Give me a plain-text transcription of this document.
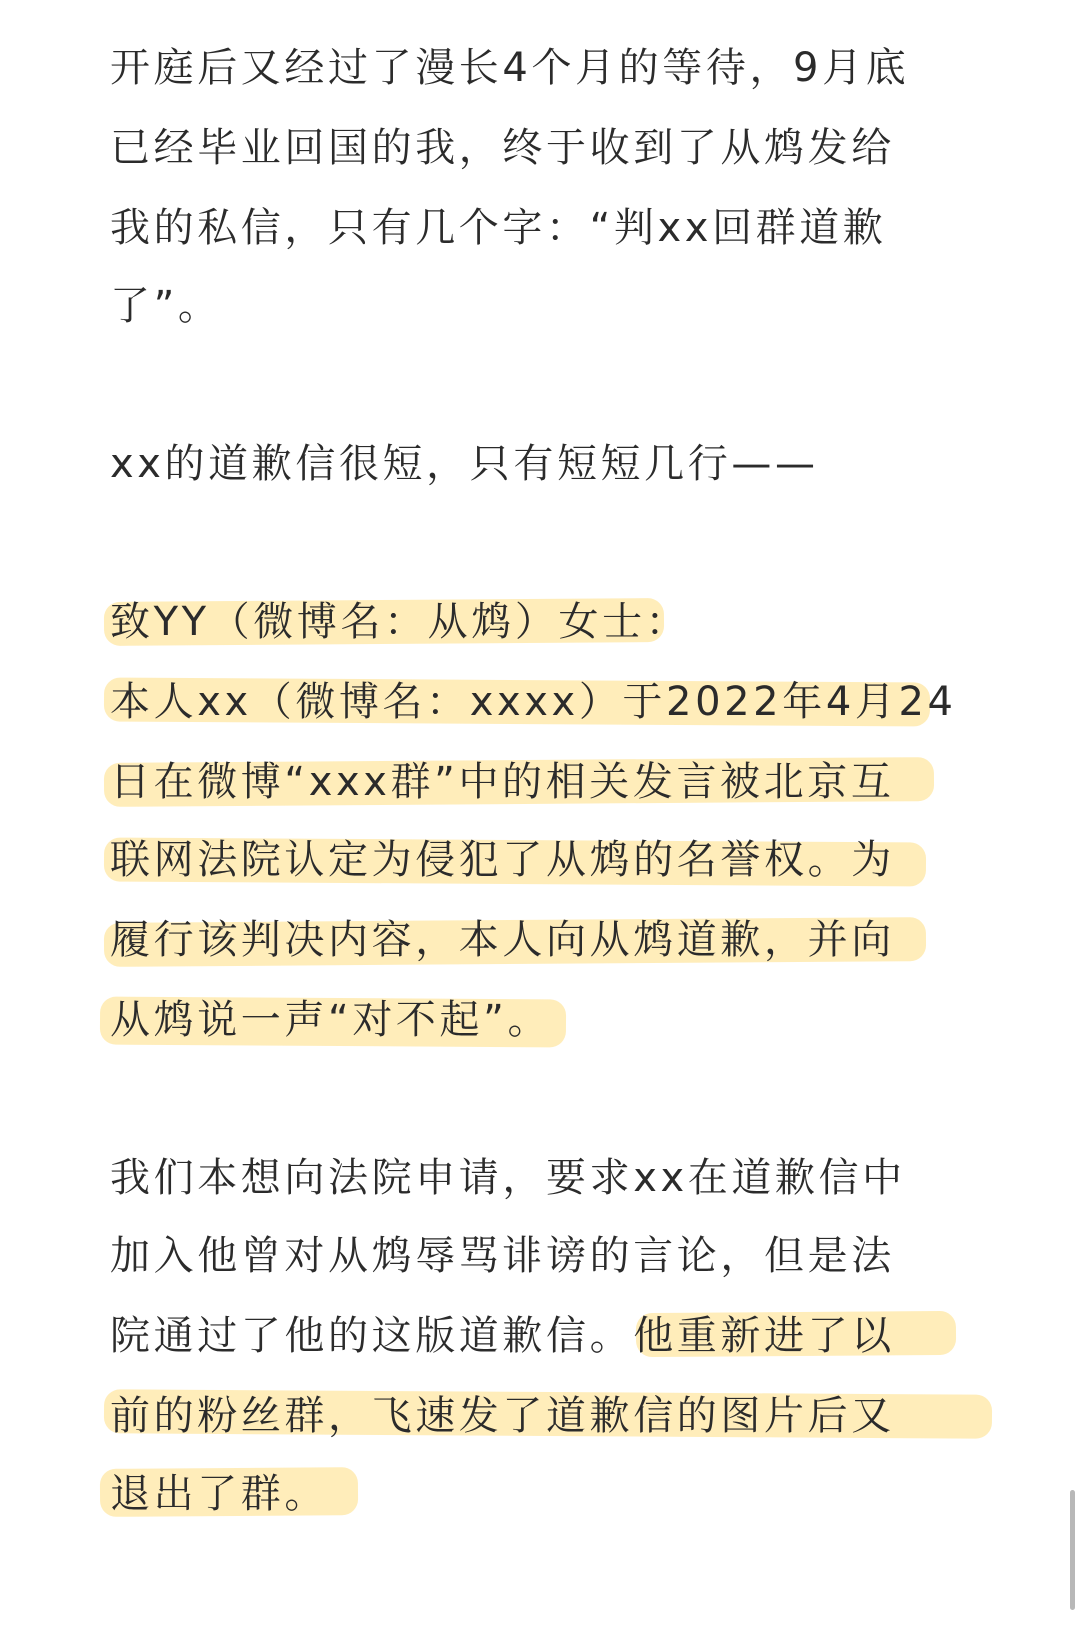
开庭后又经过了漫长4个月的等待，9月底
已经毕业回国的我，终于收到了从鸩发给
我的私信，只有几个字：“判xx回群道歉
了”。
xx的道歉信很短，只有短短几行——
致YY（微博名：从鸩）女士：
本人xx（微博名：xxxx）于2022年4月24
日在微博“xxx群”中的相关发言被北京互
联网法院认定为侵犯了从鸩的名誉权。为
履行该判决内容，本人向从鸩道歉，并向
从鸩说一声“对不起”。
我们本想向法院申请，要求xx在道歉信中
加入他曾对从鸩辱骂诽谤的言论，但是法
院通过了他的这版道歉信。他重新进了以
前的粉丝群，飞速发了道歉信的图片后又
退出了群。
